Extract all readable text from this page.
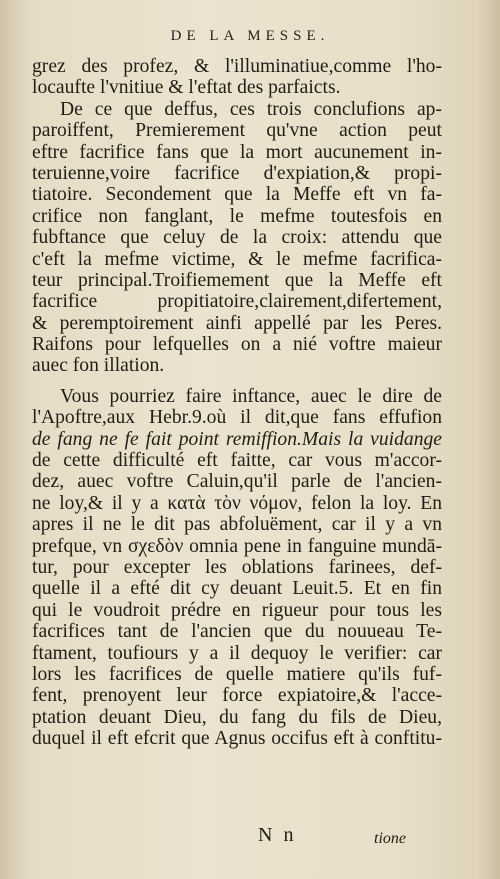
DE LA MESSE.
grez des profez, & l'illuminatiue,comme l'ho-
locaufte l'vnitiue & l'eftat des parfaicts.
De ce que deffus, ces trois conclufions ap-
paroiffent, Premierement qu'vne action peut
eftre facrifice fans que la mort aucunement in-
teruienne,voire facrifice d'expiation,& propi-
tiatoire. Secondement que la Meffe eft vn fa-
crifice non fanglant, le mefme toutesfois en
fubftance que celuy de la croix: attendu que
c'eft la mefme victime, & le mefme facrifica-
teur principal.Troifiemement que la Meffe eft
facrifice propitiatoire,clairement,difertement,
& peremptoirement ainfi appellé par les Peres.
Raifons pour lefquelles on a nié voftre maieur
auec fon illation.
Vous pourriez faire inftance, auec le dire de
l'Apoftre,aux Hebr.9.où il dit,que fans effufion
de fang ne fe fait point remiffion.Mais la vuidange
de cette difficulté eft faitte, car vous m'accor-
dez, auec voftre Caluin,qu'il parle de l'ancien-
ne loy,& il y a κατὰ τὸν νόμον, felon la loy. En
apres il ne le dit pas abfoluëment, car il y a vn
prefque, vn σχεδὸν omnia pene in fanguine mundā-
tur, pour excepter les oblations farinees, def-
quelle il a efté dit cy deuant Leuit.5. Et en fin
qui le voudroit prédre en rigueur pour tous les
facrifices tant de l'ancien que du nouueau Te-
ftament, toufiours y a il dequoy le verifier: car
lors les facrifices de quelle matiere qu'ils fuf-
fent, prenoyent leur force expiatoire,& l'acce-
ptation deuant Dieu, du fang du fils de Dieu,
duquel il eft efcrit que Agnus occifus eft à conftitu-
N n	tione
